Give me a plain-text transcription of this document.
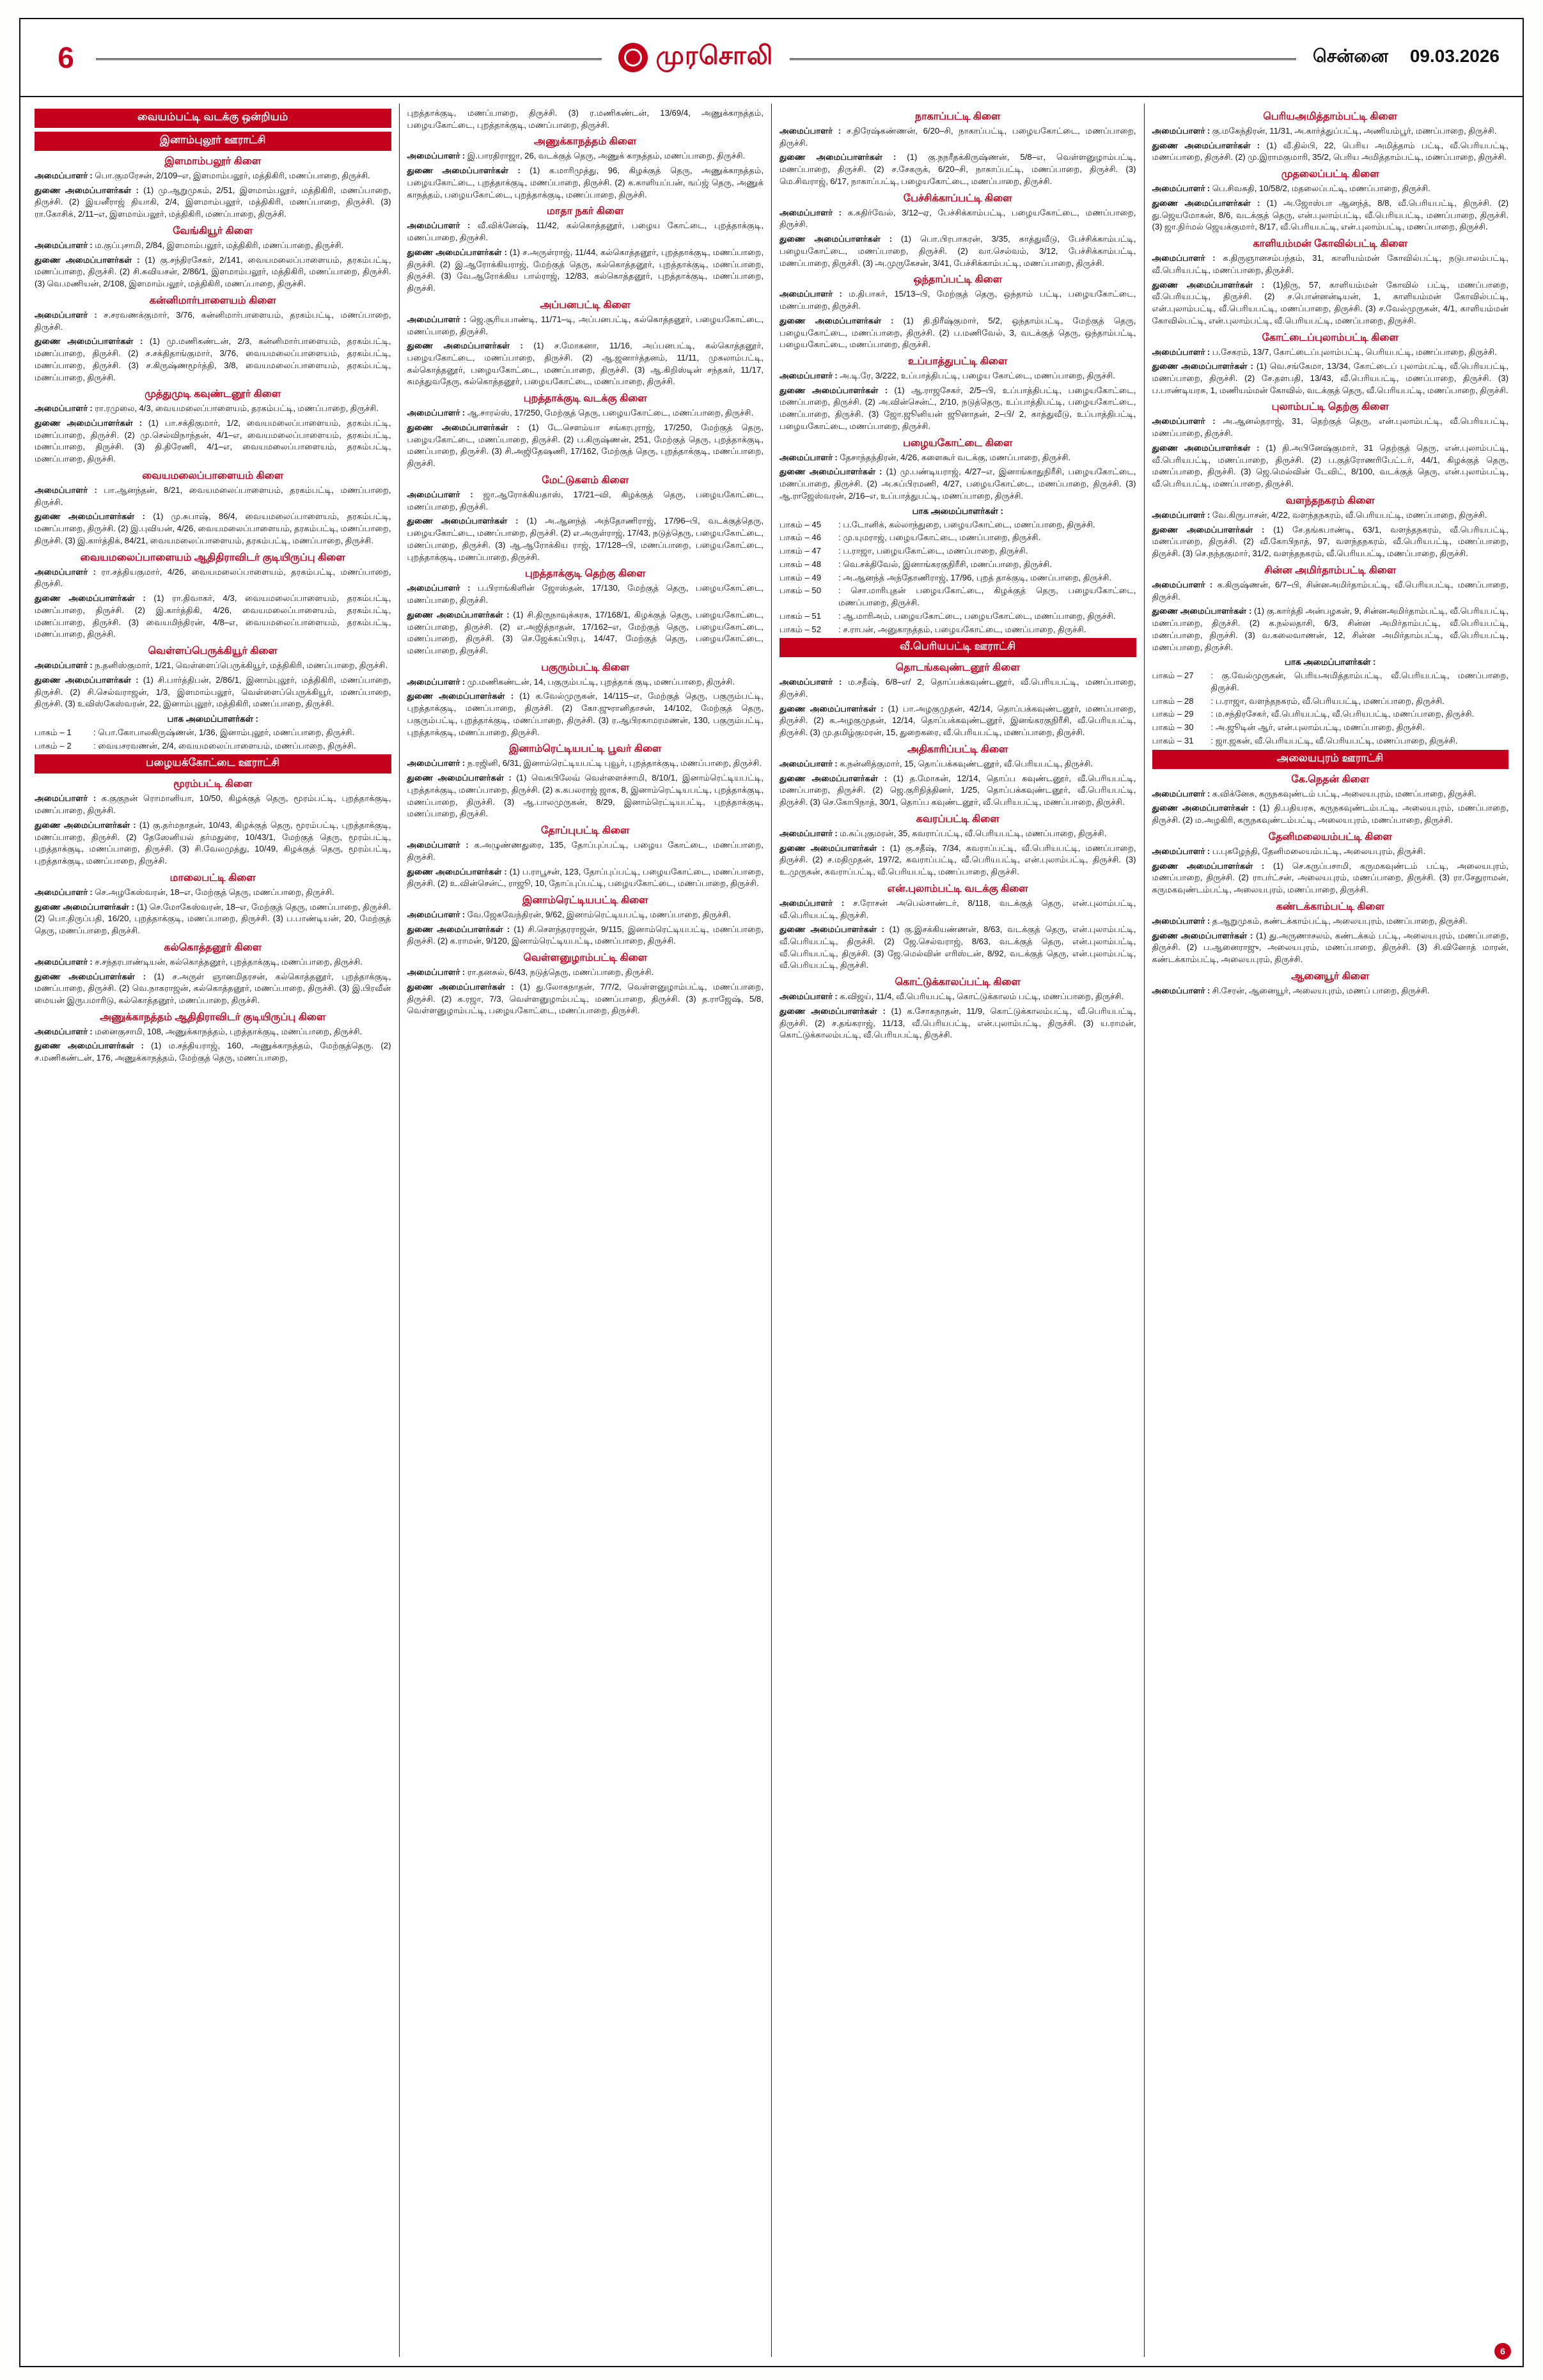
6	முரசொலி	சென்னை 09.03.2026
வையம்பட்டி வடக்கு ஒன்றியம்
இனாம்புலூர் ஊராட்சி
இளமாம்பலூர் கிளை

அமைப்பாளர் : பொ.குமரேசன், 2/109–எ, இளமாம்பலூர், மத்திகிரி, மணப்பாறை, திருச்சி.

துணை அமைப்பாளர்கள் : (1) மு.ஆறுமுகம், 2/51, இளமாம்பலூர், மத்திகிரி, மணப்பாறை, திருச்சி. (2) இயனீராஜ் தியாகி, 2/4, இளமாம்பலூர், மத்திகிரி, மணப்பாறை, திருச்சி. (3) ரா.கோசிக், 2/11–எ, இளமாம்பலூர், மத்திகிரி, மணப்பாறை, திருச்சி.

வேங்கியூர் கிளை

அமைப்பாளர் : ம.குப்புசாமி, 2/84, இளமாம்பலூர், மத்திகிரி, மணப்பாறை, திருச்சி.

துணை அமைப்பாளர்கள் : (1) கு.சந்திரசேகர், 2/141, வையமலைப்பாளையம், தரகம்பட்டி, மணப்பாறை, திருச்சி. (2) சி.சுவியசன், 2/86/1, இளமாம்பலூர், மத்திகிரி, மணப்பாறை, திருச்சி. (3) வெ.மணியன், 2/108, இளமாம்பலூர், மத்திகிரி, மணப்பாறை, திருச்சி.

கன்னிமார்பாளையம் கிளை

அமைப்பாளர் : ச.சரவணக்குமார், 3/76, கன்னிமார்பாளையம், தரகம்பட்டி, மணப்பாறை, திருச்சி.

துணை அமைப்பாளர்கள் : (1) மு.மணிகண்டன், 2/3, கன்னிமார்பாளையம், தரகம்பட்டி, மணப்பாறை, திருச்சி. (2) ச.சக்திதாங்குமார், 3/76, வையமலைப்பாளையம், தரகம்பட்டி, மணப்பாறை, திருச்சி. (3) ச.கிருஷ்ணமூர்த்தி, 3/8, வையமலைப்பாளையம், தரகம்பட்டி, மணப்பாறை, திருச்சி.

முத்துமுடி கவுண்டனூர் கிளை

அமைப்பாளர் : ரா.ரமுலை, 4/3, வையமலைப்பாளையம், தரகம்பட்டி, மணப்பாறை, திருச்சி.

துணை அமைப்பாளர்கள் : (1) பா.சக்திகுமார், 1/2, வையமலைப்பாளையம், தரகம்பட்டி, மணப்பாறை, திருச்சி. (2) மு.செல்விநாந்தன், 4/1–எ, வையமலைப்பாளையம், தரகம்பட்டி, மணப்பாறை, திருச்சி. (3) தி.திரேணி, 4/1–எ, வையமலைப்பாளையம், தரகம்பட்டி, மணப்பாறை, திருச்சி.

வையமலைப்பாளையம் கிளை

அமைப்பாளர் : பா.ஆனந்தன், 8/21, வையமலைப்பாளையம், தரகம்பட்டி, மணப்பாறை, திருச்சி.

துணை அமைப்பாளர்கள் : (1) மு.சுபாஷ், 86/4, வையமலைப்பாளையம், தரகம்பட்டி, மணப்பாறை, திருச்சி. (2) இ.புவியன், 4/26, வையமலைப்பாளையம், தரகம்பட்டி, மணப்பாறை, திருச்சி. (3) இ.கார்த்திக், 84/21, வையமலைப்பாளையம், தரகம்பட்டி, மணப்பாறை, திருச்சி.

வையமலைப்பாளையம் ஆதிதிராவிடர் குடியிருப்பு கிளை

அமைப்பாளர் : ரா.சத்தியகுமார், 4/26, வையமலைப்பாளையம், தரகம்பட்டி, மணப்பாறை, திருச்சி.

துணை அமைப்பாளர்கள் : (1) ரா.திவாகர், 4/3, வையமலைப்பாளையம், தரகம்பட்டி, மணப்பாறை, திருச்சி. (2) இ.கார்த்திகி, 4/26, வையமலைப்பாளையம், தரகம்பட்டி, மணப்பாறை, திருச்சி. (3) வையமிந்திரன், 4/8–எ, வையமலைப்பாளையம், தரகம்பட்டி, மணப்பாறை, திருச்சி.

வெள்ளப்பெருக்கியூர் கிளை

அமைப்பாளர் : ந.தனிஸ்குமார், 1/21, வெள்ளைப்பெருக்கியூர், மத்திகிரி, மணப்பாறை, திருச்சி.

துணை அமைப்பாளர்கள் : (1) சி.பார்த்திபன், 2/86/1, இனாம்புலூர், மத்திகிரி, மணப்பாறை, திருச்சி. (2) சி.செல்வராஜன், 1/3, இளமாம்பலூர், வெள்ளைப்பெருக்கியூர், மணப்பாறை, திருச்சி. (3) உவிஸ்கேஸ்வரன், 22, இனாம்புலூர், மத்திகிரி, மணப்பாறை, திருச்சி.

பாக அமைப்பாளர்கள் :
பாகம் – 1	: பொ.கோபாலகிருஷ்ணன், 1/36, இனாம்புலூர், மணப்பாறை, திருச்சி.
பாகம் – 2	: வையசரவணன், 2/4, வையமலைப்பாளையம், மணப்பாறை, திருச்சி.
பழையக்கோட்டை ஊராட்சி
மூரம்பட்டி கிளை

அமைப்பாளர் : க.குகுநன் ரொமானியா, 10/50, கிழக்குத் தெரு, மூரம்பட்டி, புறத்தாக்குடி, மணப்பாறை, திருச்சி.

துணை அமைப்பாளர்கள் : (1) கு.தர்மநாதன், 10/43, கிழக்குத் தெரு, மூரம்பட்டி, புறத்தாக்குடி, மணப்பாறை, திருச்சி. (2) தேஸேனியல் தர்மதுரை, 10/43/1, மேற்குத் தெரு, மூரம்பட்டி, புறத்தாக்குடி, மணப்பாறை, திருச்சி. (3) சி.வேலமுத்து, 10/49, கிழக்குத் தெரு, மூரம்பட்டி, புறத்தாக்குடி, மணப்பாறை, திருச்சி.

மாலைபட்டி கிளை

அமைப்பாளர் : செ.அழகேஸ்வரன், 18–எ, மேற்குத் தெரு, மணப்பாறை, திருச்சி.

துணை அமைப்பாளர்கள் : (1) செ.மோகேஸ்வரன், 18–எ, மேற்குத் தெரு, மணப்பாறை, திருச்சி. (2) பொ.திருப்பதி, 16/20, புறத்தாக்குடி, மணப்பாறை, திருச்சி. (3) ப.பாண்டியன், 20, மேற்குத் தெரு, மணப்பாறை, திருச்சி.

கல்கொத்தனூர் கிளை

அமைப்பாளர் : ச.சந்தரபாண்டியன், கல்கொத்தனூர், புறத்தாக்குடி, மணப்பாறை, திருச்சி.

துணை அமைப்பாளர்கள் : (1) ச.அருள் ஞானமிதரசன், கல்கொத்தனூர், புறத்தாக்குடி, மணப்பாறை, திருச்சி. (2) வெ.நாகராஜன், கல்கொத்தனூர், மணப்பாறை, திருச்சி. (3) இ.பிரவீன் மையன் இருபமாரிடு, கல்கொத்தனூர், மணப்பாறை, திருச்சி.

அணுக்காநத்தம் ஆதிதிராவிடர் குடியிருப்பு கிளை

அமைப்பாளர் : மனைகுசாமி, 108, அணுக்காநத்தம், புறத்தாக்குடி, மணப்பாறை, திருச்சி.

துணை அமைப்பாளர்கள் : (1) ம.சத்தியராஜ், 160, அணுக்காநத்தம், மேற்குத்தெரு. (2) ச.மணிகண்டன், 176, அணுக்காநத்தம், மேற்குத் தெரு, மணப்பாறை,

புறத்தாக்குடி, மணப்பாறை, திருச்சி. (3) ர.மணிகண்டன், 13/69/4, அணுக்காநத்தம், பழையகோட்டை, புறத்தாக்குடி, மணப்பாறை, திருச்சி.

அணுக்காநத்தம் கிளை

அமைப்பாளர் : இ.பாரதிராஜா, 26, வடக்குத் தெரு, அணுக் காநத்தம், மணப்பாறை, திருச்சி.

துணை அமைப்பாளர்கள் : (1) க.மாரிமுத்து, 96, கிழக்குத் தெரு, அணுக்காநத்தம், பழையகோட்டை, புறத்தாக்குடி, மணப்பாறை, திருச்சி. (2) க.காளியப்பன், ஙப்ஜ் தெரு, அணுக் காநத்தம், பழையகோட்டை, புறத்தாக்குடி, மணப்பாறை, திருச்சி.

மாதா நகர் கிளை

அமைப்பாளர் : வீ.விக்னேஷ், 11/42, கல்கொத்தனூர், பழைய கோட்டை, புறத்தாக்குடி, மணப்பாறை, திருச்சி.

துணை அமைப்பாளர்கள் : (1) ச.அருள்ராஜ், 11/44, கல்கொத்தனூர், புறத்தாக்குடி, மணப்பாறை, திருச்சி. (2) இ.ஆரோக்கியராஜ், மேற்குத் தெரு, கல்கொத்தனூர், புறத்தாக்குடி, மணப்பாறை, திருச்சி. (3) வே.ஆரோக்கிய பால்ராஜ், 12/83, கல்கொத்தனூர், புறத்தாக்குடி, மணப்பாறை, திருச்சி.

அப்பனபட்டி கிளை

அமைப்பாளர் : ஜெ.சூரியபாண்டி, 11/71–டி, அப்பனபட்டி, கல்கொத்தனூர், பழையகோட்டை, மணப்பாறை, திருச்சி.

துணை அமைப்பாளர்கள் : (1) ச.மோகனா, 11/16, அப்பனபட்டி, கல்கொத்தனூர், பழையகோட்டை, மணப்பாறை, திருச்சி. (2) ஆ.ஜனார்த்தனம், 11/11, முகலாம்பட்டி, கல்கொத்தனூர், பழையகோட்டை, மணப்பாறை, திருச்சி. (3) ஆ.கிறிஸ்டின் சந்தகர், 11/17, சுமத்துவதேரு, கல்கொத்தனூர், பழையகோட்டை, மணப்பாறை, திருச்சி.

புறத்தாக்குடி வடக்கு கிளை

அமைப்பாளர் : ஆ.சாரல்ஸ், 17/250, மேற்குத் தெரு, பழையகோட்டை, மணப்பாறை, திருச்சி.

துணை அமைப்பாளர்கள் : (1) டே.செளம்யா சங்கரபுராஜ், 17/250, மேற்குத் தெரு, பழையகோட்டை, மணப்பாறை, திருச்சி. (2) ப.கிருஷ்ணன், 251, மேற்குத் தெரு, புறத்தாக்குடி, மணப்பாறை, திருச்சி. (3) சி.அஜிதேஷணி, 17/162, மேற்குத் தெரு, புறத்தாக்குடி, மணப்பாறை, திருச்சி.

மேட்டுகளம் கிளை

அமைப்பாளர் : ஜா.ஆரோக்கியதாஸ், 17/21–வி, கிழக்குத் தெரு, பழையகோட்டை, மணப்பாறை, திருச்சி.

துணை அமைப்பாளர்கள் : (1) அ.ஆனந்த் அந்தோணிராஜ், 17/96–பி, வடக்குத்தெரு, பழையகோட்டை, மணப்பாறை, திருச்சி. (2) எ.அருள்ராஜ், 17/43, நடுத்தெரு, பழையகோட்டை, மணப்பாறை, திருச்சி. (3) ஆ.ஆரோக்கிய ராஜ், 17/128–பி, மணப்பாறை, பழையகோட்டை, புறத்தாக்குடி, மணப்பாறை, திருச்சி.

புறத்தாக்குடி தெற்கு கிளை

அமைப்பாளர் : ப.பிராங்கிளின் ஜோஸ்தன், 17/130, மேற்குத் தெரு, பழையகோட்டை, மணப்பாறை, திருச்சி.

துணை அமைப்பாளர்கள் : (1) சி.திருநாவுக்கரசு, 17/168/1, கிழக்குத் தெரு, பழையகோட்டை, மணப்பாறை, திருச்சி. (2) எ.அஜித்நாதன், 17/162–எ, மேற்குத் தெரு, பழையகோட்டை, மணப்பாறை, திருச்சி. (3) செ.ஜேக்கப்பிரபு, 14/47, மேற்குத் தெரு, பழையகோட்டை, மணப்பாறை, திருச்சி.

பகுரும்பட்டி கிளை

அமைப்பாளர் : மு.மணிகண்டன், 14, பகுரும்பட்டி, புறத்தாக் குடி, மணப்பாறை, திருச்சி.

துணை அமைப்பாளர்கள் : (1) க.வேல்முருகன், 14/115–எ, மேற்குத் தெரு, பகுரும்பட்டி, புறத்தாக்குடி, மணப்பாறை, திருச்சி. (2) கோ.ஜுரானிதாசன், 14/102, மேற்குத் தெரு, பகுரும்பட்டி, புறத்தாக்குடி, மணப்பாறை, திருச்சி. (3) ர.ஆபிரகாமரமணன், 130, பகுரும்பட்டி, புறத்தாக்குடி, மணப்பாறை, திருச்சி.

இனாம்ரெட்டியபட்டி பூவர் கிளை

அமைப்பாளர் : ந.ரஜினி, 6/31, இனாம்ரெட்டியபட்டி புவூர், புறத்தாக்குடி, மணப்பாறை, திருச்சி.

துணை அமைப்பாளர்கள் : (1) வெகபிலேவ் வெள்ளைச்சாமி, 8/10/1, இனாம்ரெட்டியபட்டி, புறத்தாக்குடி, மணப்பாறை, திருச்சி. (2) சு.கபலராஜ் ஜாக, 8, இனாம்ரெட்டியபட்டி, புறத்தாக்குடி, மணப்பாறை, திருச்சி. (3) ஆ.பாலமுருகன், 8/29, இனாம்ரெட்டியபட்டி, புறத்தாக்குடி, மணப்பாறை, திருச்சி.

தோப்புபட்டி கிளை

அமைப்பாளர் : க.அழுண்ணதுரை, 135, தோப்புப்பட்டி, பழைய கோட்டை, மணப்பாறை, திருச்சி.

துணை அமைப்பாளர்கள் : (1) ப.ராபூசன், 123, தோப்புப்பட்டி, பழையகோட்டை, மணப்பாறை, திருச்சி. (2) உ.வின்சென்ட், ராஜூ, 10, தோப்புப்பட்டி, பழையகோட்டை, மணப்பாறை, திருச்சி.

இனாம்ரெட்டியபட்டி கிளை

அமைப்பாளர் : வே.ஜேசுவேந்திரன், 9/62, இனாம்ரெட்டியபட்டி, மணப்பாறை, திருச்சி.

துணை அமைப்பாளர்கள் : (1) சி.செளந்தரராஜன், 9/115, இனாம்ரெட்டியபட்டி, மணப்பாறை, திருச்சி. (2) க.ராமன், 9/120, இனாம்ரெட்டியபட்டி, மணப்பாறை, திருச்சி.

வெள்ளனுழாம்பட்டி கிளை

அமைப்பாளர் : ரா.தனசுல், 6/43, நடுத்தெரு, மணப்பாறை, திருச்சி.

துணை அமைப்பாளர்கள் : (1) து.லோகநாதன், 7/7/2, வெள்ளனுழாம்பட்டி, மணப்பாறை, திருச்சி. (2) க.ரஜா, 7/3, வெள்ளனுழாம்பட்டி, மணப்பாறை, திருச்சி. (3) த.ராஜேஷ், 5/8, வெள்ளனுழாம்பட்டி, பழையகோட்டை, மணப்பாறை, திருச்சி.

நாகாப்பட்டி கிளை

அமைப்பாளர் : ச.நிரேஷ்கண்ணன், 6/20–சி, நாகாப்பட்டி, பழையகோட்டை, மணப்பாறை, திருச்சி.

துணை அமைப்பாளர்கள் : (1) கு.நநரீதக்கிருஷ்ணன், 5/8–எ, வெள்ளனுழாம்பட்டி, மணப்பாறை, திருச்சி. (2) ச.சேகருக், 6/20–சி, நாகாப்பட்டி, மணப்பாறை, திருச்சி. (3) மெ.சிவராஜ், 6/17, நாகாப்பட்டி, பழையகோட்டை, மணப்பாறை, திருச்சி.

பேச்சிக்காப்பட்டி கிளை

அமைப்பாளர் : க.கதிர்வேல், 3/12–ஏ, பேச்சிக்காம்பட்டி, பழையகோட்டை, மணப்பாறை, திருச்சி.

துணை அமைப்பாளர்கள் : (1) பொ.பிரபாகரன், 3/35, காத்துவீடு, பேச்சிக்காம்பட்டி, பழையகோட்டை, மணப்பாறை, திருச்சி. (2) வா.செல்வம், 3/12, பேச்சிக்காம்பட்டி, மணப்பாறை, திருச்சி. (3) அ.முருகேசன், 3/41, பேச்சிக்காம்பட்டி, மணப்பாறை, திருச்சி.

ஒந்தாப்பட்டி கிளை

அமைப்பாளர் : ம.திபாகர், 15/13–பி, மேற்குத் தெரு, ஒந்தாம் பட்டி, பழையகோட்டை, மணப்பாறை, திருச்சி.

துணை அமைப்பாளர்கள் : (1) தி.நிரீஷ்குமார், 5/2, ஒந்தாம்பட்டி, மேற்குத் தெரு, பழையகோட்டை, மணப்பாறை, திருச்சி. (2) ப.மணிவேல், 3, வடக்குத் தெரு, ஒந்தாம்பட்டி, பழையகோட்டை, மணப்பாறை, திருச்சி.

உப்பாத்துபட்டி கிளை

அமைப்பாளர் : அ.டி.ரே, 3/222, உப்பாத்திபட்டி, பழைய கோட்டை, மணப்பாறை, திருச்சி.

துணை அமைப்பாளர்கள் : (1) ஆ.ராஜசேகர், 2/5–பி, உப்பாத்திபட்டி, பழையகோட்டை, மணப்பாறை, திருச்சி. (2) அ.வின்சென்ட், 2/10, நடுத்தெரு, உப்பாத்திபட்டி, பழையகோட்டை, மணப்பாறை, திருச்சி. (3) ஜோ.ஜூனியன் ஜூனாதன், 2–பி/ 2, காத்துவீடு, உப்பாத்திபட்டி, பழையகோட்டை, மணப்பாறை, திருச்சி.

பழையகோட்டை கிளை

அமைப்பாளர் : தேசாந்தந்திரன், 4/26, களைகூர் வடக்கு, மணப்பாறை, திருச்சி.

துணை அமைப்பாளர்கள் : (1) மு.பண்டியராஜ், 4/27–எ, இனாங்காதுநிரீசி, பழையகோட்டை, மணப்பாறை, திருச்சி. (2) அ.சுப்பிரமணி, 4/27, பழையகோட்டை, மணப்பாறை, திருச்சி. (3) ஆ.ராஜேஸ்வரன், 2/16–எ, உப்பாத்துபட்டி, மணப்பாறை, திருச்சி.

பாக அமைப்பாளர்கள் :
பாகம் – 45	: ப.டோனிக், கல்லாந்துறை, பழையகோட்டை, மணப்பாறை, திருச்சி.
பாகம் – 46	: மு.யுமராஜ், பழையகோட்டை, மணப்பாறை, திருச்சி.
பாகம் – 47	: ப.ராஜா, பழையகோட்டை, மணப்பாறை, திருச்சி.
பாகம் – 48	: வெ.சக்திவேல், இனாங்கரகுநிரீசி, மணப்பாறை, திருச்சி.
பாகம் – 49	: அ.ஆனந்த் அந்தோணிராஜ், 17/96, புறத் தாக்குடி, மணப்பாறை, திருச்சி.
பாகம் – 50	: சொ.மாரிபுதன் பழையகோட்டை, கிழக்குத் தெரு, பழையகோட்டை, மணப்பாறை, திருச்சி.
பாகம் – 51	: ஆ.மாரிஅம், பழையகோட்டை, பழையகோட்டை, மணப்பாறை, திருச்சி.
பாகம் – 52	: ச.ராபன், அனுகாநத்தம், பழையகோட்டை, மணப்பாறை, திருச்சி.
வீ.பெரியபட்டி ஊராட்சி
தொடங்கவுண்டனூர் கிளை

அமைப்பாளர் : ம.சதீஷ், 6/8–எ/ 2, தொப்பக்கவுண்டனூர், வீ.பெரியபட்டி, மணப்பாறை, திருச்சி.

துணை அமைப்பாளர்கள் : (1) பா.அழகுமுதன், 42/14, தொப்பக்கவுண்டனூர், மணப்பாறை, திருச்சி. (2) க.அழகுமுதன், 12/14, தொப்பக்கவுண்டனூர், இனங்கரகுநிரீசி, வீ.பெரியபட்டி, திருச்சி. (3) மு.தமிழ்குமரன், 15, துறைகரை, வீ.பெரியபட்டி, மணப்பாறை, திருச்சி.

அதிகாரிப்பட்டி கிளை

அமைப்பாளர் : க.நன்னித்குமார், 15, தொப்பக்கவுண்டனூர், வீ.பெரியபட்டி, திருச்சி.

துணை அமைப்பாளர்கள் : (1) த.மோகன், 12/14, தொப்ப கவுண்டனூர், வீ.பெரியபட்டி, மணப்பாறை, திருச்சி. (2) ஜெ.குரிநித்தினர், 1/25, தொப்பக்கவுண்டனூர், வீ.பெரியபட்டி, திருச்சி. (3) செ.கோபிநாத், 30/1, தொப்ப கவுண்டனூர், வீ.பெரியபட்டி, மணப்பாறை, திருச்சி.

கவரப்பட்டி கிளை

அமைப்பாளர் : ம.சுப்புகுமரன், 35, கவராப்பட்டி, வீ.பெரியபட்டி, மணப்பாறை, திருச்சி.

துணை அமைப்பாளர்கள் : (1) கு.சதீஷ், 7/34, கவராப்பட்டி, வீ.பெரியபட்டி, மணப்பாறை, திருச்சி. (2) ச.மதிமுதன், 197/2, கவராப்பட்டி, வீ.பெரியபட்டி, என்.புலாம்பட்டி, திருச்சி. (3) உ.முருகன், கவராப்பட்டி, வீ.பெரியபட்டி, மணப்பாறை, திருச்சி.

என்.புலாம்பட்டி வடக்கு கிளை

அமைப்பாளர் : ச.ரோசன் அபெல்சாண்டர், 8/118, வடக்குத் தெரு, என்.புலாம்பட்டி, வீ.பெரியபட்டி, திருச்சி.

துணை அமைப்பாளர்கள் : (1) கு.இசக்கியண்ணன், 8/63, வடக்குத் தெரு, என்.புலாம்பட்டி, வீ.பெரியபட்டி, திருச்சி. (2) ஜே.செல்வராஜ், 8/63, வடக்குத் தெரு, என்.புலாம்பட்டி, வீ.பெரியபட்டி, திருச்சி. (3) ஜே.மெல்வின் எரிஸ்டன், 8/92, வடக்குத் தெரு, என்.புலாம்பட்டி, வீ.பெரியபட்டி, திருச்சி.

கொட்டுக்காலப்பட்டி கிளை

அமைப்பாளர் : க.விஜய், 11/4, வீ.பெரியபட்டி, கொட்டுக்காலம் பட்டி, மணப்பாறை, திருச்சி.

துணை அமைப்பாளர்கள் : (1) க.சோகநாதன், 11/9, கொட்டுக்காலம்பட்டி, வீ.பெரியபட்டி, திருச்சி. (2) ச.தங்கராஜ், 11/13, வீ.பெரியபட்டி, என்.புலாம்பட்டி, திருச்சி. (3) ய.ராமன், கொட்டுக்காலம்பட்டி, வீ.பெரியபட்டி, திருச்சி.

பெரியஅமித்தாம்பட்டி கிளை

அமைப்பாளர் : கு.மகேந்திரன், 11/31, அ.கார்த்துப்பட்டி, அணியம்பூர், மணப்பாறை, திருச்சி.

துணை அமைப்பாளர்கள் : (1) வீ.தில்பி, 22, பெரிய அமித்தாம் பட்டி, வீ.பெரியபட்டி, மணப்பாறை, திருச்சி. (2) மு.இராமகுமாரி, 35/2, பெரிய அமித்தாம்பட்டி, மணப்பாறை, திருச்சி.

முதலைப்பட்டி கிளை

அமைப்பாளர் : பெ.சிவசுதி, 10/58/2, மதலைப்பட்டி, மணப்பாறை, திருச்சி.

துணை அமைப்பாளர்கள் : (1) அ.ஜோஸ்பா ஆனந்த், 8/8, வீ.பெரியபட்டி, திருச்சி. (2) து.ஜெயமோகன், 8/6, வடக்குத் தெரு, என்.புலாம்பட்டி, வீ.பெரியபட்டி, மணப்பாறை, திருச்சி. (3) ஜா.நிர்மல் ஜெயக்குமார், 8/17, வீ.பெரியபட்டி, என்.புலாம்பட்டி, மணப்பாறை, திருச்சி.

காளியம்மன் கோவில்பட்டி கிளை

அமைப்பாளர் : க.திருஞானசம்பந்தம், 31, காளியம்மன் கோவில்பட்டி, நடுபாலம்பட்டி, வீ.பெரியபட்டி, மணப்பாறை, திருச்சி.

துணை அமைப்பாளர்கள் : (1)திரு, 57, காளியம்மன் கோவில் பட்டி, மணப்பாறை, வீ.பெரியபட்டி, திருச்சி. (2) ச.பொன்னன்டியன், 1, காளியம்மன் கோவில்பட்டி, என்.புலாம்பட்டி, வீ.பெரியபட்டி, மணப்பாறை, திருச்சி. (3) ச.வேல்முருகன், 4/1, காளியம்மன் கோவில்பட்டி, என்.புலாம்பட்டி, வீ.பெரியபட்டி, மணப்பாறை, திருச்சி.

கோட்டைப்புலாம்பட்டி கிளை

அமைப்பாளர் : ப.சேகரம், 13/7, கோட்டைப்புலாம்பட்டி, பெரியபட்டி, மணப்பாறை, திருச்சி.

துணை அமைப்பாளர்கள் : (1) வெ.சங்கேமா, 13/34, கோட்டைப் புலாம்பட்டி, வீ.பெரியபட்டி, மணப்பாறை, திருச்சி. (2) சே.தளபதி, 13/43, வீ.பெரியபட்டி, மணப்பாறை, திருச்சி. (3) ப.பாண்டியரசு, 1, மணியம்மன் கோவில், வடக்குத் தெரு, வீ.பெரியபட்டி, மணப்பாறை, திருச்சி.

புலாம்பட்டி தெற்கு கிளை

அமைப்பாளர் : அ.ஆனல்தராஜ், 31, தெற்குத் தெரு, என்.புலாம்பட்டி, வீ.பெரியபட்டி, மணப்பாறை, திருச்சி.

துணை அமைப்பாளர்கள் : (1) தி.அபினேஷ்குமார், 31 தெற்குத் தெரு, என்.புலாம்பட்டி, வீ.பெரியபட்டி, மணப்பாறை, திருச்சி. (2) ப.குத்ரோணரிபேட்டர், 44/1, கிழக்குத் தெரு, மணப்பாறை, திருச்சி. (3) ஜெ.மெல்வின் டேவிட், 8/100, வடக்குத் தெரு, என்.புலாம்பட்டி, வீ.பெரியபட்டி, மணப்பாறை, திருச்சி.

வளந்தநகரம் கிளை

அமைப்பாளர் : வே.கிருபாசன், 4/22, வளந்தநகரம், வீ.பெரியபட்டி, மணப்பாறை, திருச்சி.

துணை அமைப்பாளர்கள் : (1) சே.தங்கபாண்டி, 63/1, வளந்தநகரம், வீ.பெரியபட்டி, மணப்பாறை, திருச்சி. (2) வீ.கோபிநாத், 97, வளந்தநகரம், வீ.பெரியபட்டி, மணப்பாறை, திருச்சி. (3) செ.நந்தகுமார், 31/2, வளந்தநகரம், வீ.பெரியபட்டி, மணப்பாறை, திருச்சி.

சின்ன அமிர்தாம்பட்டி கிளை

அமைப்பாளர் : க.கிருஷ்ணன், 6/7–பி, சின்னஅமிர்தாம்பட்டி, வீ.பெரியபட்டி, மணப்பாறை, திருச்சி.

துணை அமைப்பாளர்கள் : (1) கு.கார்த்தி அன்பழகன், 9, சின்னஅமிர்தாம்பட்டி, வீ.பெரியபட்டி, மணப்பாறை, திருச்சி. (2) க.நல்லதாசி, 6/3, சின்ன அமிர்தாம்பட்டி, வீ.பெரியபட்டி, மணப்பாறை, திருச்சி. (3) வ.கலைவாணன், 12, சின்ன அமிர்தாம்பட்டி, வீ.பெரியபட்டி, மணப்பாறை, திருச்சி.

பாக அமைப்பாளர்கள் :
பாகம் – 27	: கு.வேல்முருகன், பெரியஅமித்தாம்பட்டி, வீ.பெரியபட்டி, மணப்பாறை, திருச்சி.
பாகம் – 28	: ப.ராஜா, வளந்தநகரம், வீ.பெரியபட்டி, மணப்பாறை, திருச்சி.
பாகம் – 29	: ம.சந்திரசேகர், வீ.பெரியபட்டி, வீ.பெரியபட்டி, மணப்பாறை, திருச்சி.
பாகம் – 30	: அ.ஜூடின் ஆர், என்.புலாம்பட்டி, மணப்பாறை, திருச்சி.
பாகம் – 31	: ஜா.ஜகன், வீ.பெரியபட்டி, வீ.பெரியபட்டி, மணப்பாறை, திருச்சி.
அலையபுரம் ஊராட்சி
கே.நெதன் கிளை

அமைப்பாளர் : க.விக்னேசு, கருநகவுண்டம் பட்டி, அலையபுரம், மணப்பாறை, திருச்சி.

துணை அமைப்பாளர்கள் : (1) தி.பதியரசு, கருநகவுண்டம்பட்டி, அலையபுரம், மணப்பாறை, திருச்சி. (2) ம.அழகிரி, கருநகவுண்டம்பட்டி, அலையபுரம், மணப்பாறை, திருச்சி.

தேனிமலையம்பட்டி கிளை

அமைப்பாளர் : ப.புகழேந்தி, தேனிமலையம்பட்டி, அலையபுரம், திருச்சி.

துணை அமைப்பாளர்கள் : (1) செ.கருப்பசாமி, கருமகவுண்டம் பட்டி, அலையபுரம், மணப்பாறை, திருச்சி. (2) ராபர்ட்சன், அலையபுரம், மணப்பாறை, திருச்சி. (3) ரா.சேதுராமன், கருமகவுண்டம்பட்டி, அலையபுரம், மணப்பாறை, திருச்சி.

கண்டக்காம்பட்டி கிளை

அமைப்பாளர் : த.ஆறுமுகம், கண்டக்காம்பட்டி, அலையபுரம், மணப்பாறை, திருச்சி.

துணை அமைப்பாளர்கள் : (1) து.அருணாசலம், கண்டக்கம் பட்டி, அலையபுரம், மணப்பாறை, திருச்சி. (2) ப.ஆனைராஜு, அலையபுரம், மணப்பாறை, திருச்சி. (3) சி.வினோத் மாரன், கண்டக்காம்பட்டி, அலையபுரம், திருச்சி.

ஆனையூர் கிளை

அமைப்பாளர் : சி.சேரன், ஆனையூர், அலையபுரம், மணப் பாறை, திருச்சி.

6
